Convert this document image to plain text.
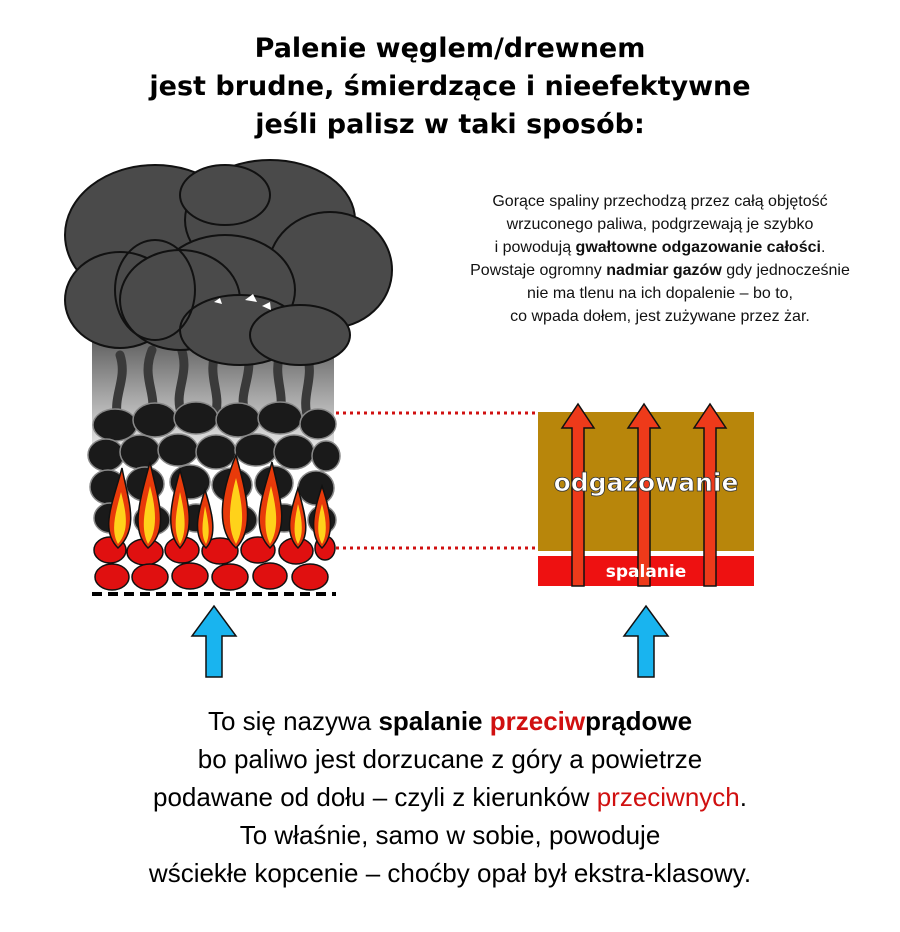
Palenie węglem/drewnem
jest brudne, śmierdzące i nieefektywne
jeśli palisz w taki sposób:
odgazowanie
spalanie
Gorące spaliny przechodzą przez całą objętość
wrzuconego paliwa, podgrzewają je szybko
i powodują gwałtowne odgazowanie całości.
Powstaje ogromny nadmiar gazów gdy jednocześnie
nie ma tlenu na ich dopalenie – bo to,
co wpada dołem, jest zużywane przez żar.
To się nazywa spalanie przeciwprądowe
bo paliwo jest dorzucane z góry a powietrze
podawane od dołu – czyli z kierunków przeciwnych.
To właśnie, samo w sobie, powoduje
wściekłe kopcenie – choćby opał był ekstra-klasowy.
